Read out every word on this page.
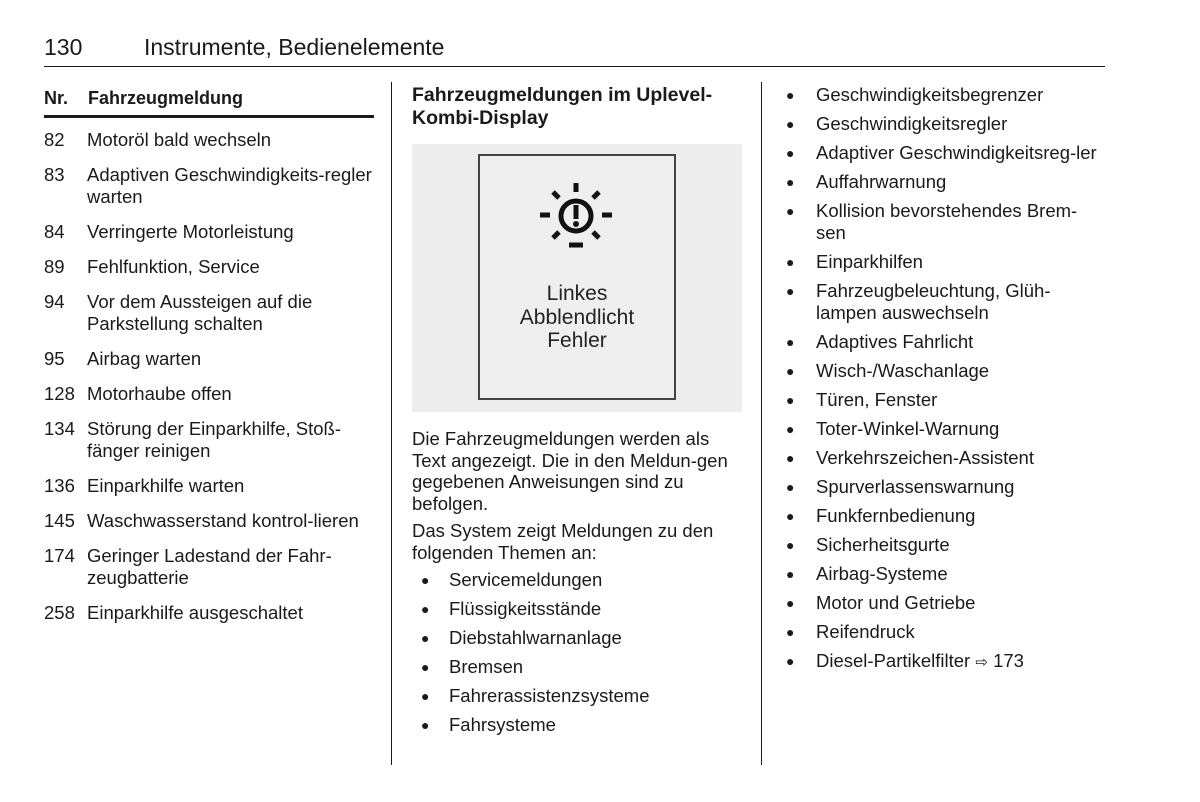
130	Instrumente, Bedienelemente
Nr.	Fahrzeugmeldung
82	Motoröl bald wechseln
83	Adaptiven Geschwindigkeits-regler warten
84	Verringerte Motorleistung
89	Fehlfunktion, Service
94	Vor dem Aussteigen auf die Parkstellung schalten
95	Airbag warten
128 Motorhaube offen
134 Störung der Einparkhilfe, Stoß-fänger reinigen
136 Einparkhilfe warten
145 Waschwasserstand kontrol-lieren
174 Geringer Ladestand der Fahr-zeugbatterie
258 Einparkhilfe ausgeschaltet
Fahrzeugmeldungen im Uplevel-
Kombi-Display
Linkes
Abblendlicht
Fehler

Die Fahrzeugmeldungen werden als Text angezeigt. Die in den Meldun-gen gegebenen Anweisungen sind zu befolgen.

Das System zeigt Meldungen zu den folgenden Themen an:

● Servicemeldungen
● Flüssigkeitsstände
● Diebstahlwarnanlage
● Bremsen
● Fahrerassistenzsysteme
● Fahrsysteme
● Geschwindigkeitsbegrenzer
● Geschwindigkeitsregler
● Adaptiver Geschwindigkeitsreg-ler
● Auffahrwarnung
● Kollision bevorstehendes Brem-sen
● Einparkhilfen
● Fahrzeugbeleuchtung, Glüh-lampen auswechseln
● Adaptives Fahrlicht
● Wisch-/Waschanlage
● Türen, Fenster
● Toter-Winkel-Warnung
● Verkehrszeichen-Assistent
● Spurverlassenswarnung
● Funkfernbedienung
● Sicherheitsgurte
● Airbag-Systeme
● Motor und Getriebe
● Reifendruck
● Diesel-Partikelfilter ⇨ 173
